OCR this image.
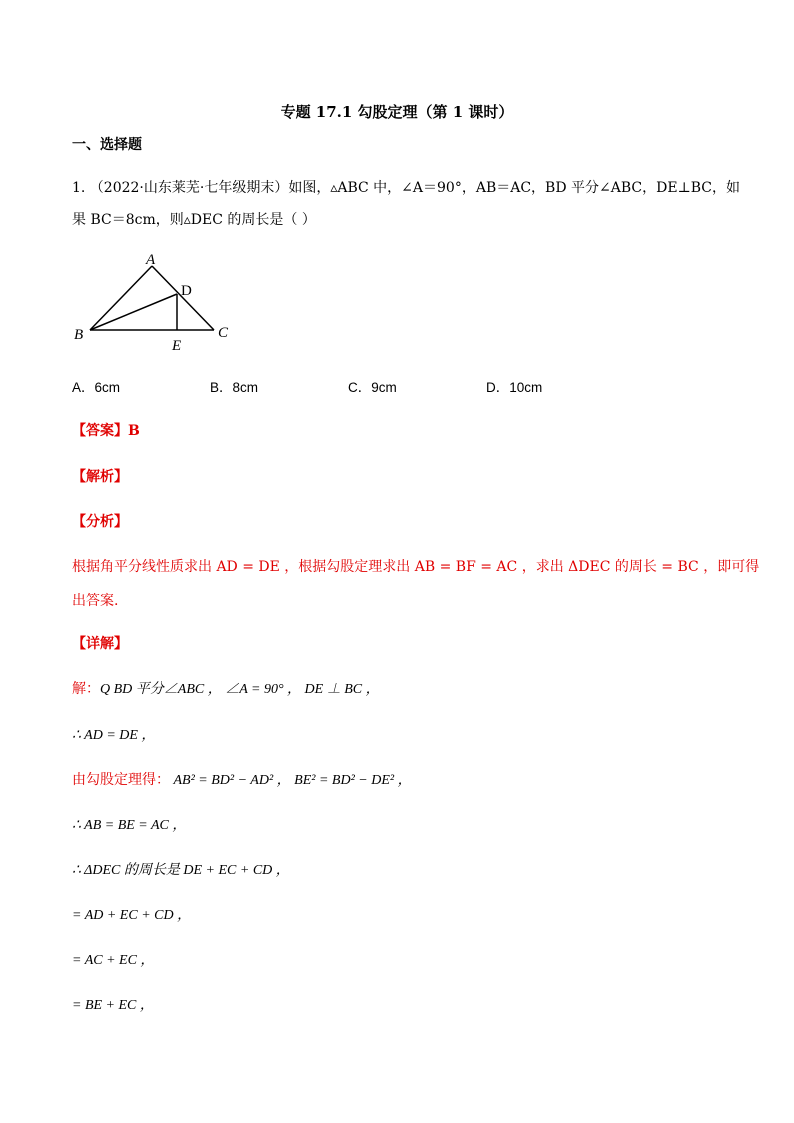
专题 17.1 勾股定理（第 1 课时）
一、选择题
1. （2022·山东莱芜·七年级期末）如图，▵ABC 中，∠A＝90°，AB＝AC，BD 平分∠ABC，DE⊥BC，如
果 BC＝8cm，则▵DEC 的周长是（ ）
A
D
B	C
E
A．6cm	B．8cm	C．9cm	D．10cm
【答案】B
【解析】
【分析】
根据角平分线性质求出 AD = DE ，根据勾股定理求出 AB = BF = AC ，求出 ΔDEC 的周长 = BC ，即可得
出答案.
【详解】
解：Q BD 平分∠ABC ， ∠A = 90° ， DE ⊥ BC ，
∴ AD = DE ，
由勾股定理得： AB² = BD² − AD² ， BE² = BD² − DE² ，
∴ AB = BE = AC ，
∴ ΔDEC 的周长是 DE + EC + CD ，
= AD + EC + CD ，
= AC + EC ，
= BE + EC ，
